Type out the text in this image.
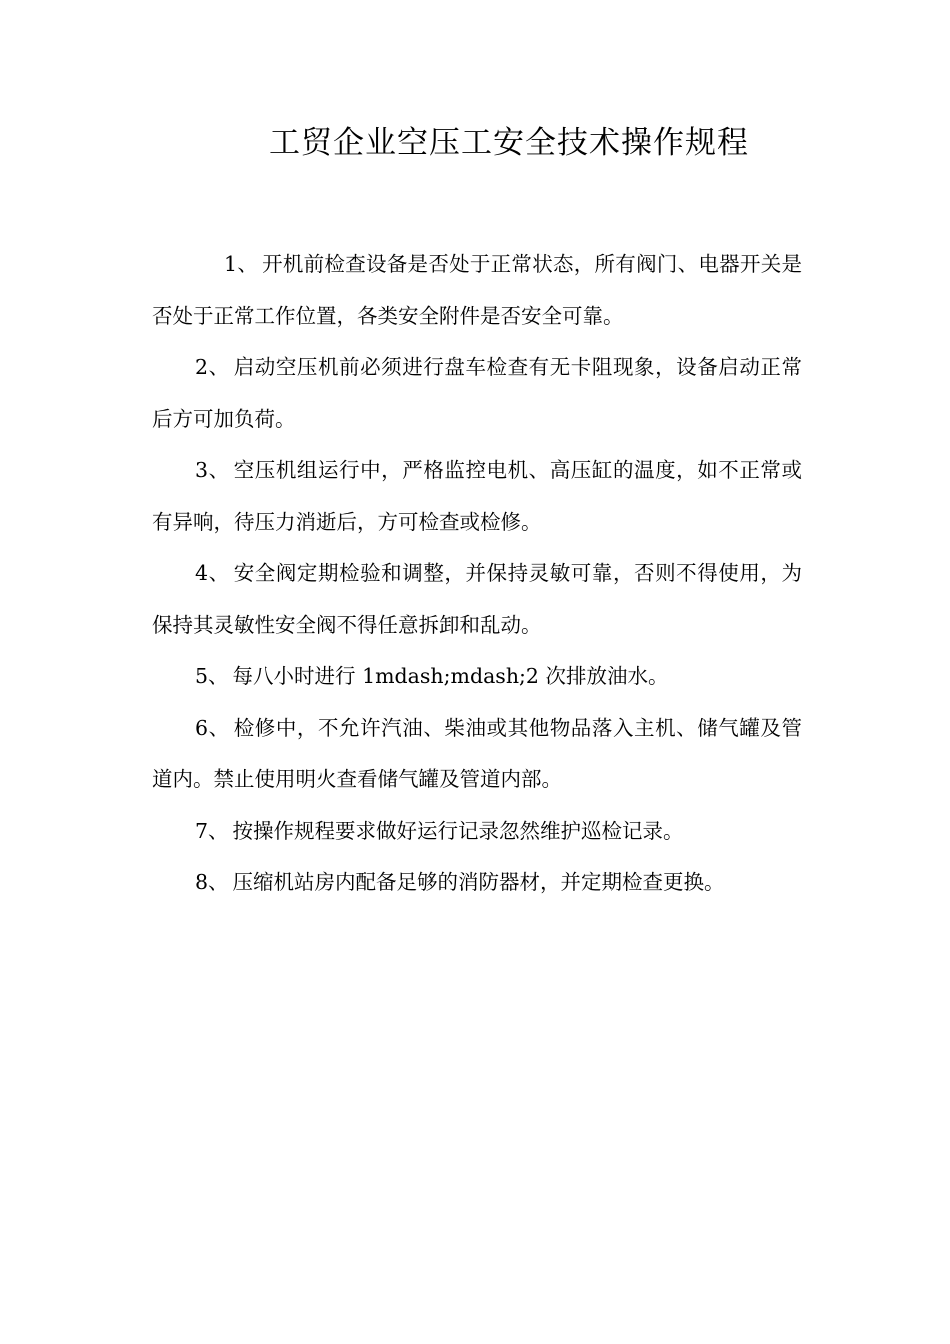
工贸企业空压工安全技术操作规程

1、 开机前检查设备是否处于正常状态，所有阀门、电器开关是否处于正常工作位置，各类安全附件是否安全可靠。

2、 启动空压机前必须进行盘车检查有无卡阻现象，设备启动正常后方可加负荷。

3、 空压机组运行中，严格监控电机、高压缸的温度，如不正常或有异响，待压力消逝后，方可检查或检修。

4、 安全阀定期检验和调整，并保持灵敏可靠，否则不得使用，为保持其灵敏性安全阀不得任意拆卸和乱动。

5、 每八小时进行 1mdash;mdash;2 次排放油水。

6、 检修中，不允许汽油、柴油或其他物品落入主机、储气罐及管道内。禁止使用明火查看储气罐及管道内部。

7、 按操作规程要求做好运行记录忽然维护巡检记录。

8、 压缩机站房内配备足够的消防器材，并定期检查更换。
